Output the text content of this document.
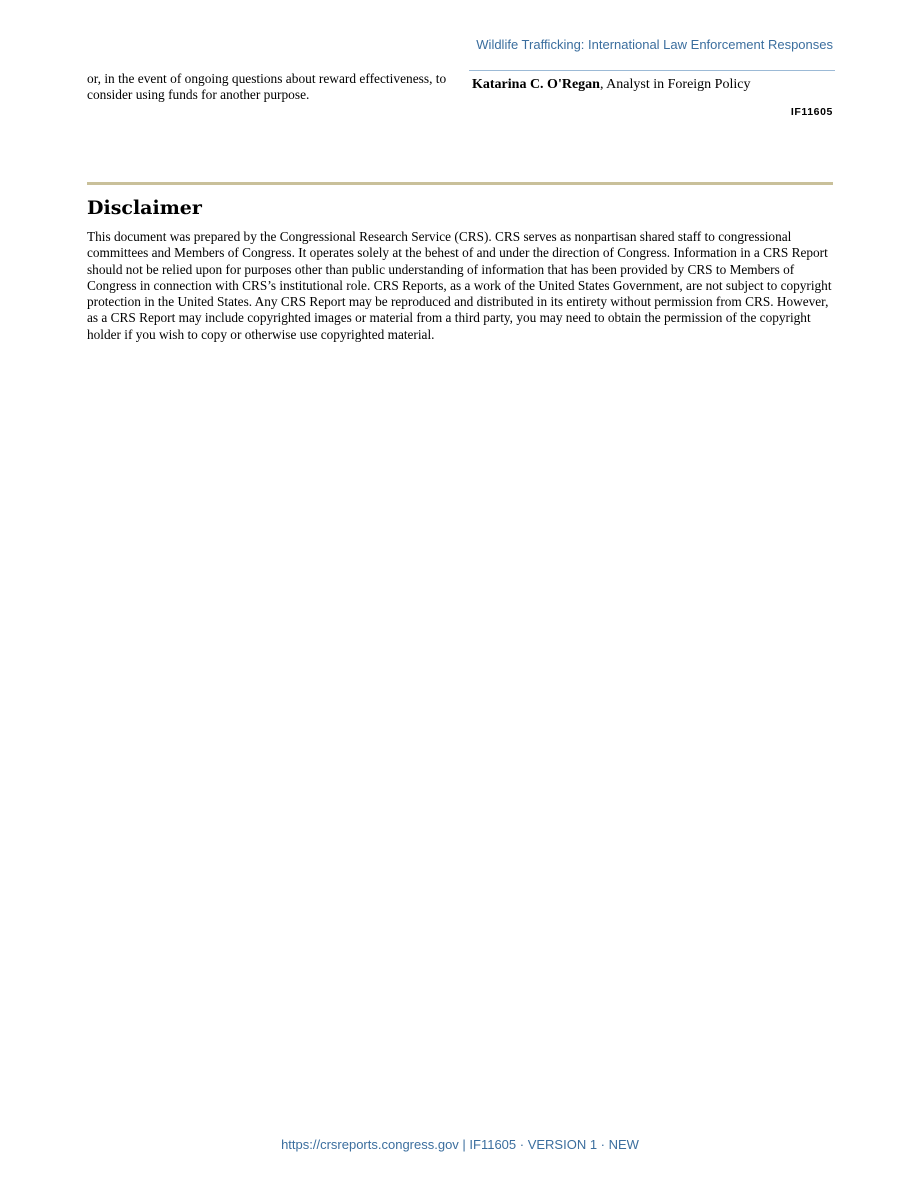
Wildlife Trafficking: International Law Enforcement Responses
or, in the event of ongoing questions about reward effectiveness, to consider using funds for another purpose.
Katarina C. O'Regan, Analyst in Foreign Policy
IF11605
Disclaimer

This document was prepared by the Congressional Research Service (CRS). CRS serves as nonpartisan shared staff to congressional committees and Members of Congress. It operates solely at the behest of and under the direction of Congress. Information in a CRS Report should not be relied upon for purposes other than public understanding of information that has been provided by CRS to Members of Congress in connection with CRS’s institutional role. CRS Reports, as a work of the United States Government, are not subject to copyright protection in the United States. Any CRS Report may be reproduced and distributed in its entirety without permission from CRS. However, as a CRS Report may include copyrighted images or material from a third party, you may need to obtain the permission of the copyright holder if you wish to copy or otherwise use copyrighted material.

https://crsreports.congress.gov | IF11605 · VERSION 1 · NEW
